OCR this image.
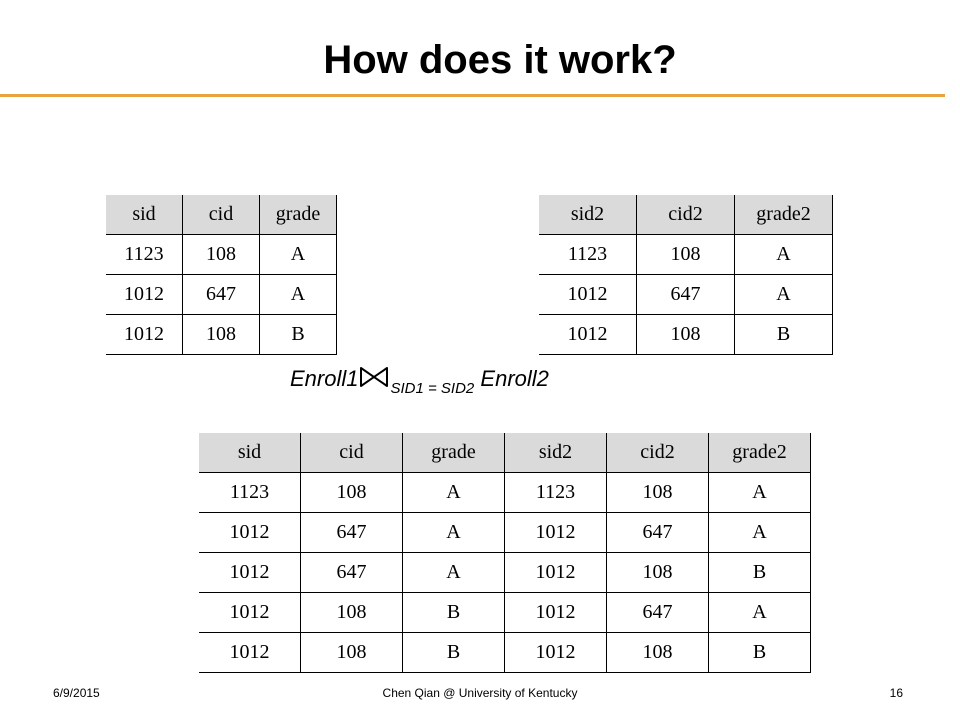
How does it work?
sid	cid	grade
1123	108	A
1012	647	A
1012	108	B
sid2	cid2	grade2
1123	108	A
1012	647	A
1012	108	B
Enroll1 $_{SID1 = SID2}$ Enroll2
sid	cid	grade	sid2	cid2	grade2
1123	108	A	1123	108	A
1012	647	A	1012	647	A
1012	647	A	1012	108	B
1012	108	B	1012	647	A
1012	108	B	1012	108	B
6/9/2015	Chen Qian @ University of Kentucky	16
